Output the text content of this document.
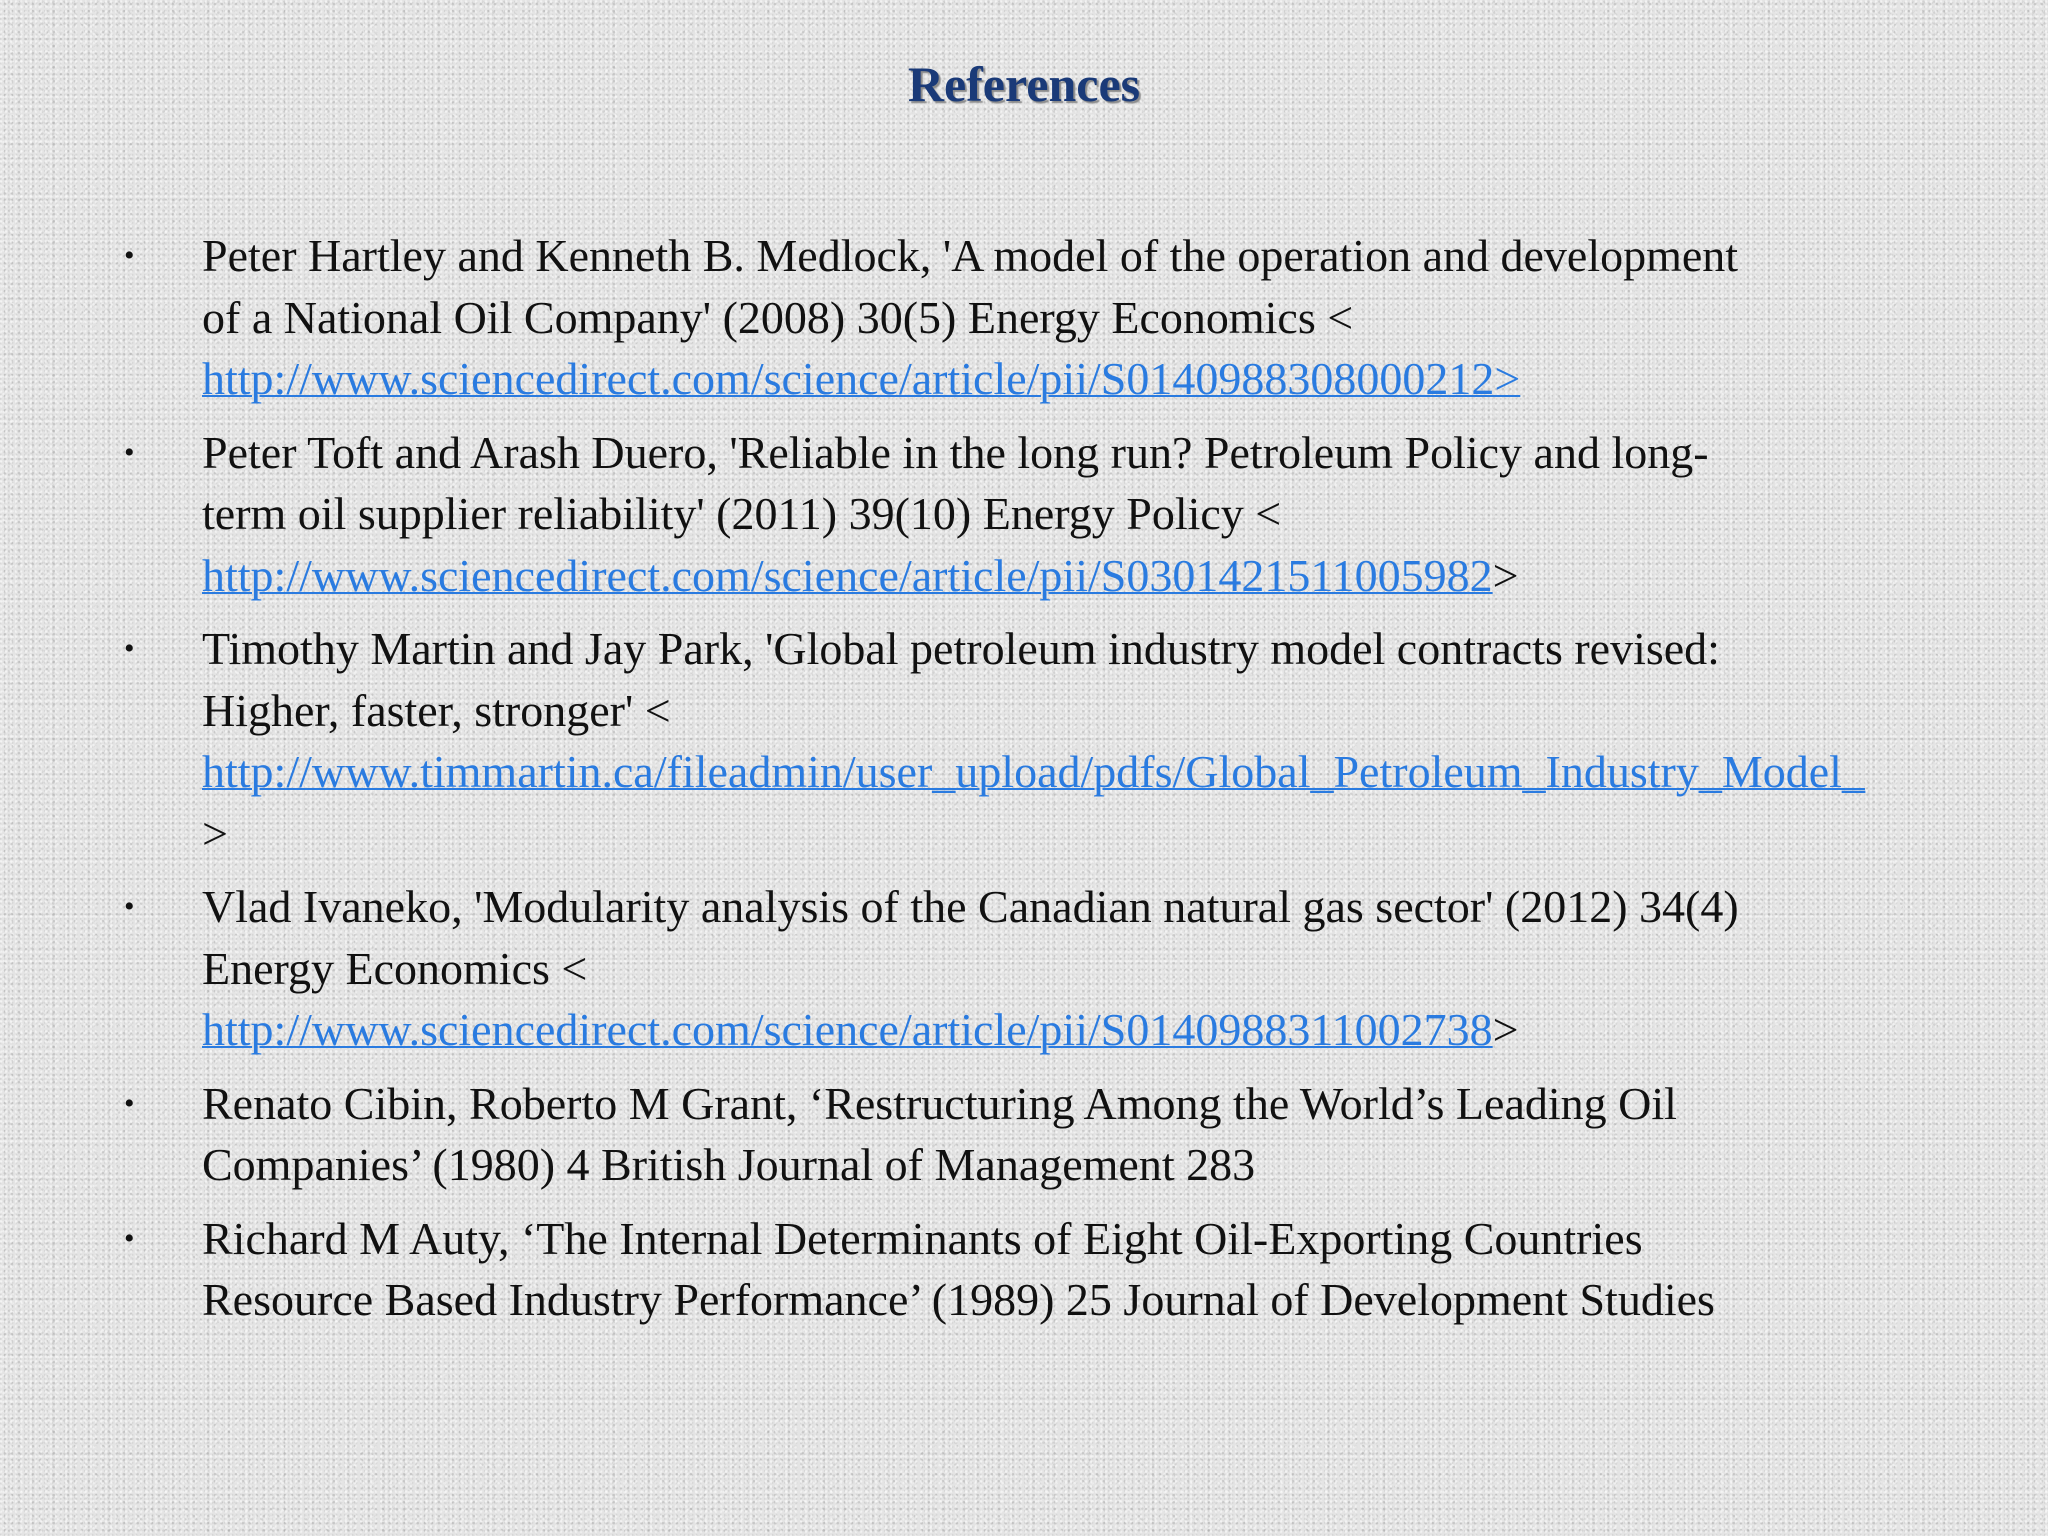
References
• Peter Hartley and Kenneth B. Medlock, 'A model of the operation and development
of a National Oil Company' (2008) 30(5) Energy Economics <
http://www.sciencedirect.com/science/article/pii/S0140988308000212>
• Peter Toft and Arash Duero, 'Reliable in the long run? Petroleum Policy and long-
term oil supplier reliability' (2011) 39(10) Energy Policy <
http://www.sciencedirect.com/science/article/pii/S0301421511005982>
• Timothy Martin and Jay Park, 'Global petroleum industry model contracts revised:
Higher, faster, stronger' <
http://www.timmartin.ca/fileadmin/user_upload/pdfs/Global_Petroleum_Industry_Model_
>
• Vlad Ivaneko, 'Modularity analysis of the Canadian natural gas sector' (2012) 34(4)
Energy Economics <
http://www.sciencedirect.com/science/article/pii/S0140988311002738>
• Renato Cibin, Roberto M Grant, ‘Restructuring Among the World’s Leading Oil
Companies’ (1980) 4 British Journal of Management 283
• Richard M Auty, ‘The Internal Determinants of Eight Oil-Exporting Countries
Resource Based Industry Performance’ (1989) 25 Journal of Development Studies
